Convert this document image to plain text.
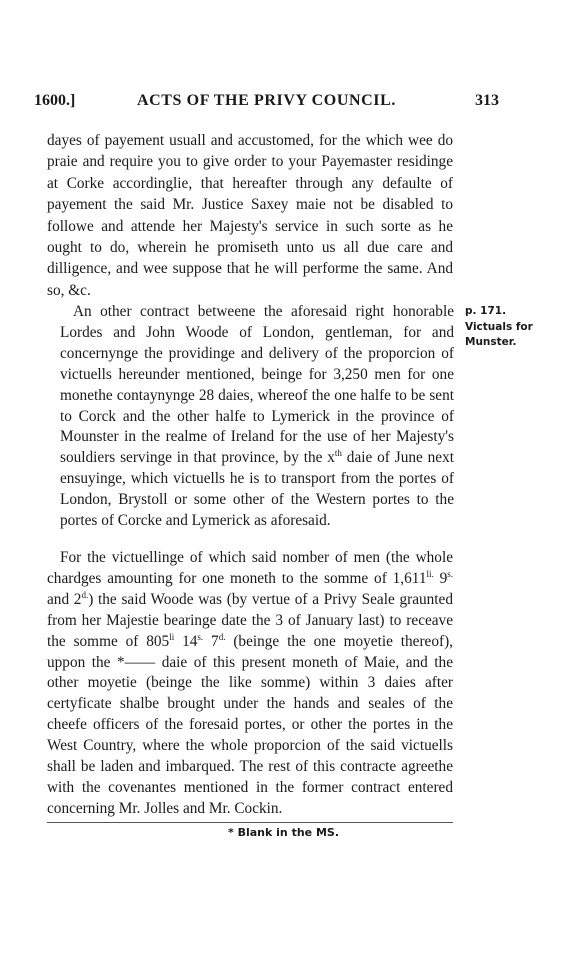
1600.]	ACTS OF THE PRIVY COUNCIL.	313
dayes of payement usuall and accustomed, for the which wee do praie and require you to give order to your Payemaster residinge at Corke accordinglie, that hereafter through any defaulte of payement the said Mr. Justice Saxey maie not be disabled to followe and attende her Majesty's service in such sorte as he ought to do, wherein he promiseth unto us all due care and dilligence, and wee suppose that he will performe the same. And so, &c.
An other contract betweene the aforesaid right honorable Lordes and John Woode of London, gentleman, for and concernynge the providinge and delivery of the proporcion of victuells hereunder mentioned, beinge for 3,250 men for one monethe contaynynge 28 daies, whereof the one halfe to be sent to Corck and the other halfe to Lymerick in the province of Mounster in the realme of Ireland for the use of her Majesty's souldiers servinge in that province, by the $x^{th}$ daie of June next ensuyinge, which victuells he is to transport from the portes of London, Brystoll or some other of the Western portes to the portes of Corcke and Lymerick as aforesaid.
p. 171.
Victuals for
Munster.
For the victuellinge of which said nomber of men (the whole chardges amounting for one moneth to the somme of $1,611^{li.}$ $9^{s.}$ and $2^{d.}$) the said Woode was (by vertue of a Privy Seale graunted from her Majestie bearinge date the 3 of January last) to receave the somme of $805^{li}$ $14^{s.}$ $7^{d.}$ (beinge the one moyetie thereof), uppon the *—— daie of this present moneth of Maie, and the other moyetie (beinge the like somme) within 3 daies after certyficate shalbe brought under the hands and seales of the cheefe officers of the foresaid portes, or other the portes in the West Country, where the whole proporcion of the said victuells shall be laden and imbarqued. The rest of this contracte agreethe with the covenantes mentioned in the former contract entered concerning Mr. Jolles and Mr. Cockin.
* Blank in the MS.
